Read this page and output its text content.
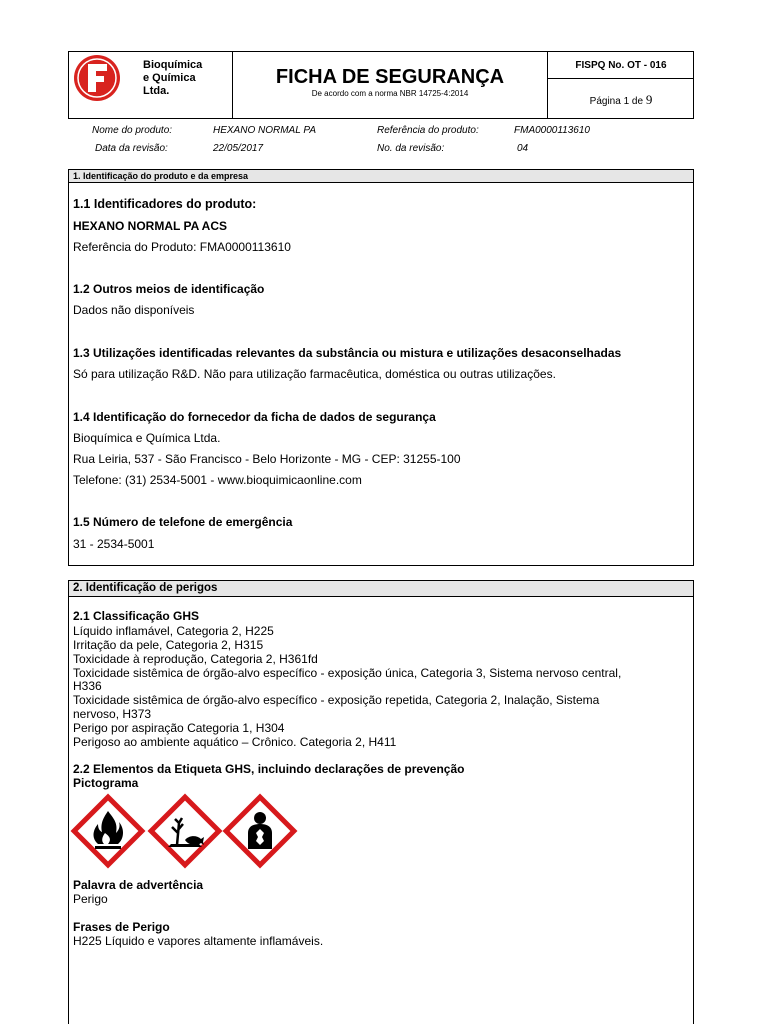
Bioquímica
e Química
Ltda.
FICHA DE SEGURANÇA
De acordo com a norma NBR 14725-4:2014
FISPQ No. OT - 016
Página 1 de 9
Nome do produto:	HEXANO NORMAL PA	Referência do produto:	FMA0000113610
Data da revisão:	22/05/2017	No. da revisão:	04
1. Identificação do produto e da empresa
1.1 Identificadores do produto:
HEXANO NORMAL PA ACS
Referência do Produto: FMA0000113610
1.2 Outros meios de identificação
Dados não disponíveis
1.3 Utilizações identificadas relevantes da substância ou mistura e utilizações desaconselhadas
Só para utilização R&D. Não para utilização farmacêutica, doméstica ou outras utilizações.
1.4 Identificação do fornecedor da ficha de dados de segurança
Bioquímica e Química Ltda.
Rua Leiria, 537 - São Francisco - Belo Horizonte - MG - CEP: 31255-100
Telefone: (31) 2534-5001 - www.bioquimicaonline.com
1.5 Número de telefone de emergência
31 - 2534-5001
2. Identificação de perigos
2.1 Classificação GHS
Líquido inflamável, Categoria 2, H225
Irritação da pele, Categoria 2, H315
Toxicidade à reprodução, Categoria 2, H361fd
Toxicidade sistêmica de órgão-alvo específico - exposição única, Categoria 3, Sistema nervoso central,
H336
Toxicidade sistêmica de órgão-alvo específico - exposição repetida, Categoria 2, Inalação, Sistema
nervoso, H373
Perigo por aspiração Categoria 1, H304
Perigoso ao ambiente aquático – Crônico. Categoria 2, H411
2.2 Elementos da Etiqueta GHS, incluindo declarações de prevenção
Pictograma
Palavra de advertência
Perigo
Frases de Perigo
H225 Líquido e vapores altamente inflamáveis.
